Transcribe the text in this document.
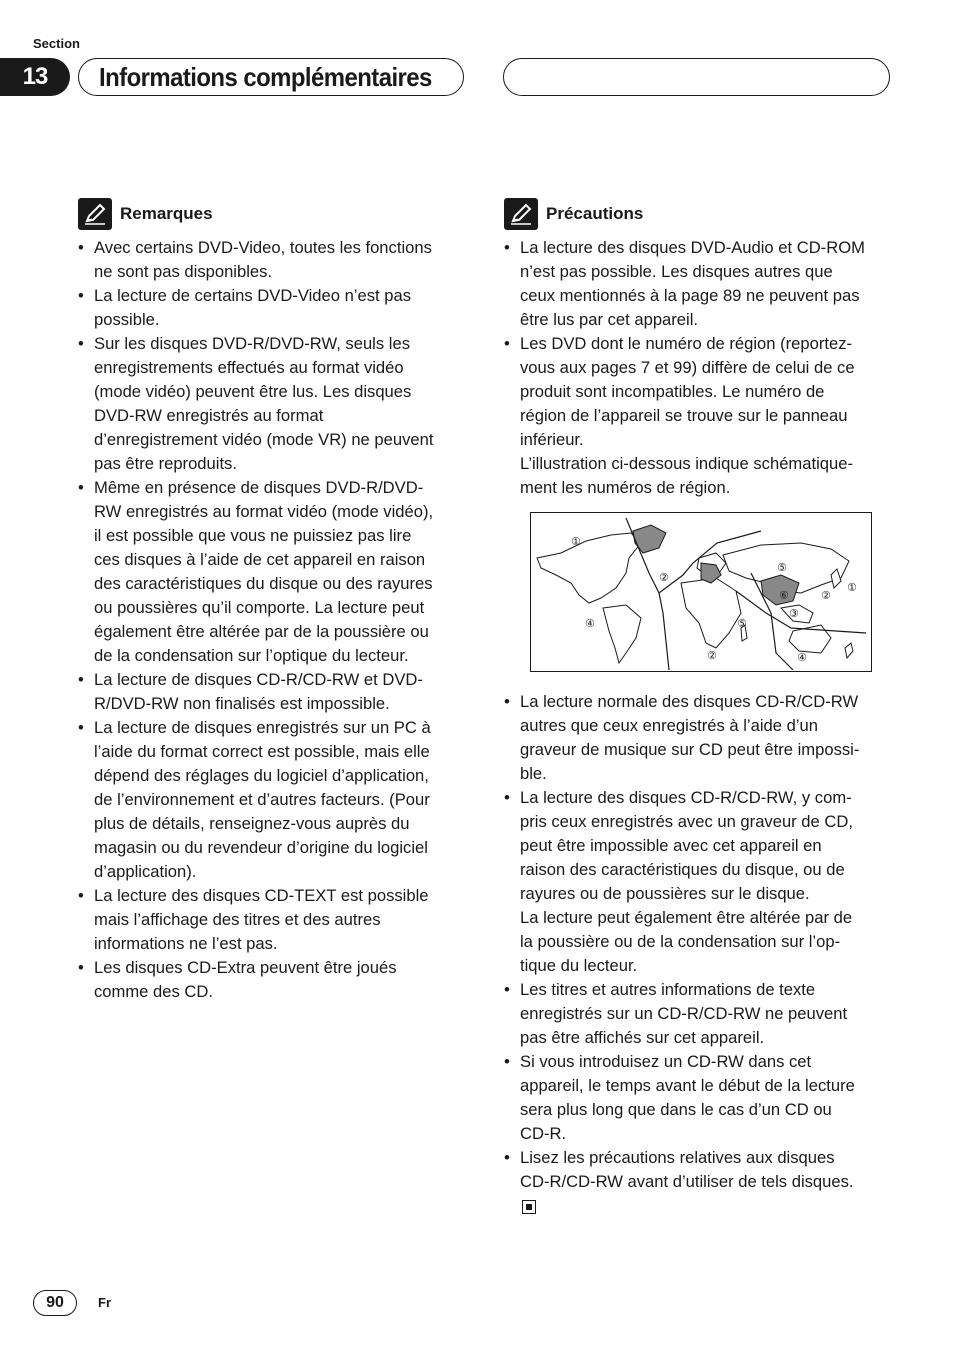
Section
13	Informations complémentaires
Remarques
• Avec certains DVD-Video, toutes les fonctions
ne sont pas disponibles.
• La lecture de certains DVD-Video n’est pas
possible.
• Sur les disques DVD-R/DVD-RW, seuls les
enregistrements effectués au format vidéo
(mode vidéo) peuvent être lus. Les disques
DVD-RW enregistrés au format
d’enregistrement vidéo (mode VR) ne peuvent
pas être reproduits.
• Même en présence de disques DVD-R/DVD-
RW enregistrés au format vidéo (mode vidéo),
il est possible que vous ne puissiez pas lire
ces disques à l’aide de cet appareil en raison
des caractéristiques du disque ou des rayures
ou poussières qu’il comporte. La lecture peut
également être altérée par de la poussière ou
de la condensation sur l’optique du lecteur.
• La lecture de disques CD-R/CD-RW et DVD-
R/DVD-RW non finalisés est impossible.
• La lecture de disques enregistrés sur un PC à
l’aide du format correct est possible, mais elle
dépend des réglages du logiciel d’application,
de l’environnement et d’autres facteurs. (Pour
plus de détails, renseignez-vous auprès du
magasin ou du revendeur d’origine du logiciel
d’application).
• La lecture des disques CD-TEXT est possible
mais l’affichage des titres et des autres
informations ne l’est pas.
• Les disques CD-Extra peuvent être joués
comme des CD.
Précautions
• La lecture des disques DVD-Audio et CD-ROM
n’est pas possible. Les disques autres que
ceux mentionnés à la page 89 ne peuvent pas
être lus par cet appareil.
• Les DVD dont le numéro de région (reportez-
vous aux pages 7 et 99) diffère de celui de ce
produit sont incompatibles. Le numéro de
région de l’appareil se trouve sur le panneau
inférieur.
L’illustration ci-dessous indique schématique-
ment les numéros de région.
①
②
④	⑤
②
⑤
⑥	②
①
③
④
• La lecture normale des disques CD-R/CD-RW
autres que ceux enregistrés à l’aide d’un
graveur de musique sur CD peut être impossi-
ble.
• La lecture des disques CD-R/CD-RW, y com-
pris ceux enregistrés avec un graveur de CD,
peut être impossible avec cet appareil en
raison des caractéristiques du disque, ou de
rayures ou de poussières sur le disque.
La lecture peut également être altérée par de
la poussière ou de la condensation sur l’op-
tique du lecteur.
• Les titres et autres informations de texte
enregistrés sur un CD-R/CD-RW ne peuvent
pas être affichés sur cet appareil.
• Si vous introduisez un CD-RW dans cet
appareil, le temps avant le début de la lecture
sera plus long que dans le cas d’un CD ou
CD-R.
• Lisez les précautions relatives aux disques
CD-R/CD-RW avant d’utiliser de tels disques.
90	Fr
